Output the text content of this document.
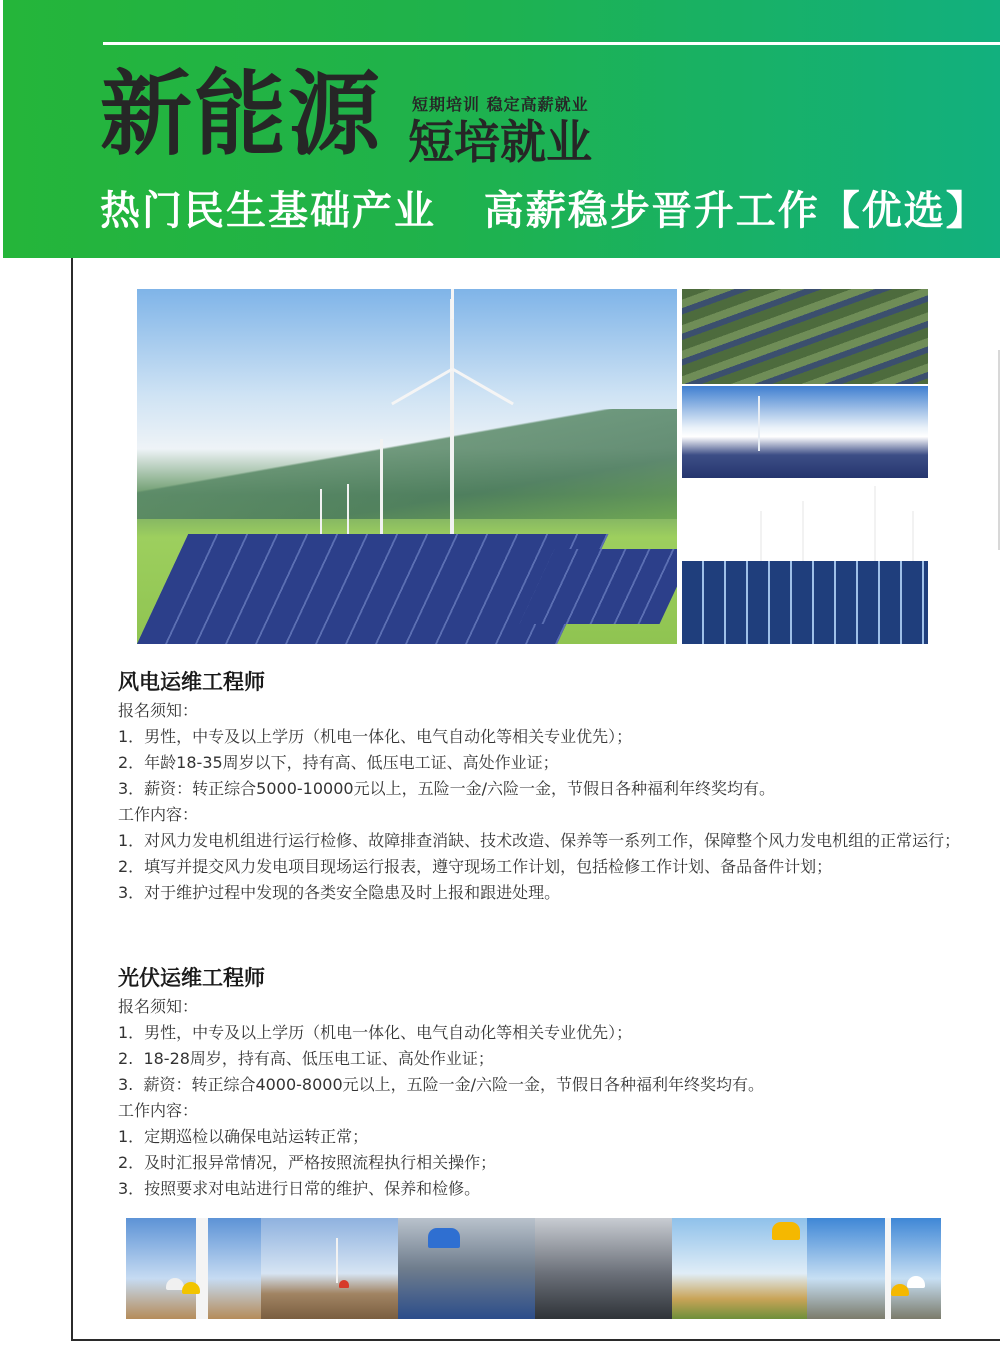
新能源 短期培训 稳定高薪就业
短培就业
热门民生基础产业   高薪稳步晋升工作【优选】
风电运维工程师
报名须知：
1．男性，中专及以上学历（机电一体化、电气自动化等相关专业优先）；
2．年龄18-35周岁以下，持有高、低压电工证、高处作业证；
3．薪资：转正综合5000-10000元以上，五险一金/六险一金，节假日各种福利年终奖均有。
工作内容：
1．对风力发电机组进行运行检修、故障排查消缺、技术改造、保养等一系列工作，保障整个风力发电机组的正常运行；
2．填写并提交风力发电项目现场运行报表，遵守现场工作计划，包括检修工作计划、备品备件计划；
3．对于维护过程中发现的各类安全隐患及时上报和跟进处理。
光伏运维工程师
报名须知：
1．男性，中专及以上学历（机电一体化、电气自动化等相关专业优先）；
2.  18-28周岁，持有高、低压电工证、高处作业证；
3.  薪资：转正综合4000-8000元以上，五险一金/六险一金，节假日各种福利年终奖均有。
工作内容：
1．定期巡检以确保电站运转正常；
2．及时汇报异常情况，严格按照流程执行相关操作；
3．按照要求对电站进行日常的维护、保养和检修。
